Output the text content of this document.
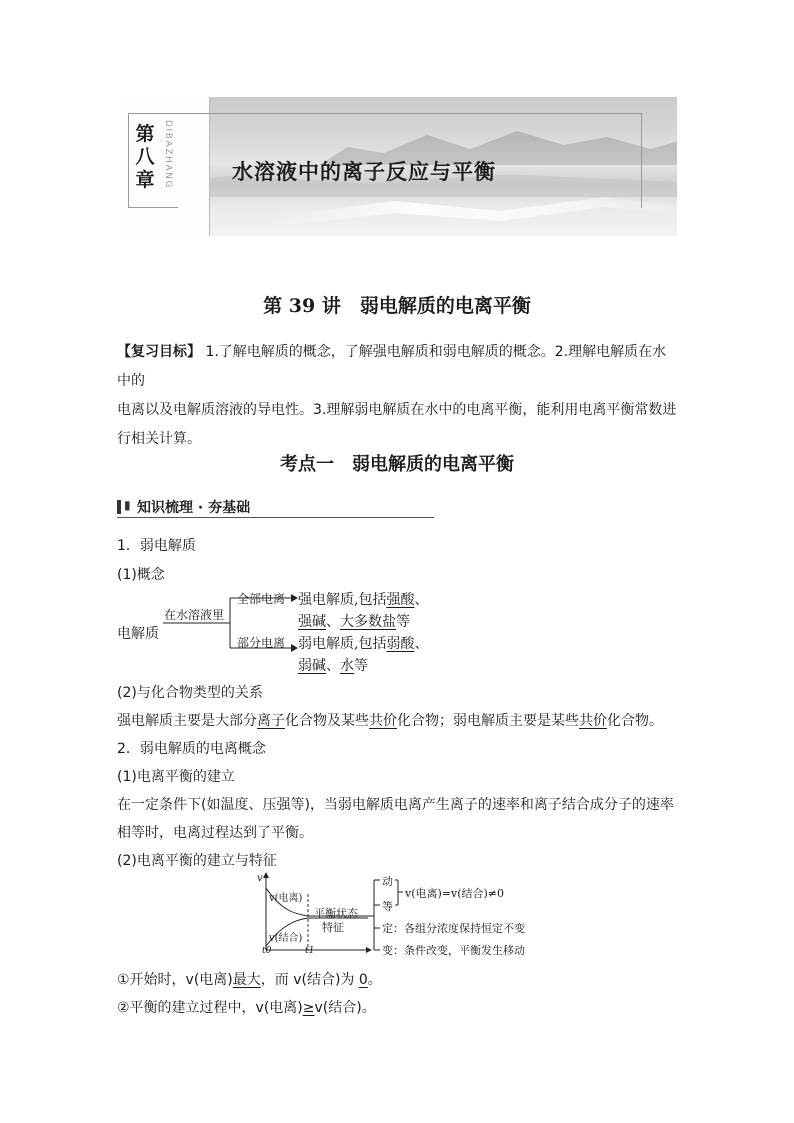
第
八
章 DIBAZHANG	水溶液中的离子反应与平衡
第 39 讲　弱电解质的电离平衡
【复习目标】 1.了解电解质的概念，了解强电解质和弱电解质的概念。2.理解电解质在水中的
电离以及电解质溶液的导电性。3.理解弱电解质在水中的电离平衡，能利用电离平衡常数进
行相关计算。
考点一　弱电解质的电离平衡
▮ 知识梳理 · 夯基础
1．弱电解质
(1)概念
电解质
在水溶液里
全部电离
部分电离
强电解质,包括强酸、
强碱、大多数盐等
弱电解质,包括弱酸、
弱碱、水等
(2)与化合物类型的关系
强电解质主要是大部分离子化合物及某些共价化合物；弱电解质主要是某些共价化合物。
2．弱电解质的电离概念
(1)电离平衡的建立
在一定条件下(如温度、压强等)，当弱电解质电离产生离子的速率和离子结合成分子的速率
相等时，电离过程达到了平衡。
(2)电离平衡的建立与特征
v
v(电离)
v(结合)
t0	t1
平衡状态
特征
动
等
v(电离)=v(结合)≠0
定：各组分浓度保持恒定不变
变：条件改变，平衡发生移动
①开始时，v(电离)最大，而 v(结合)为 0。
②平衡的建立过程中，v(电离)≥v(结合)。
